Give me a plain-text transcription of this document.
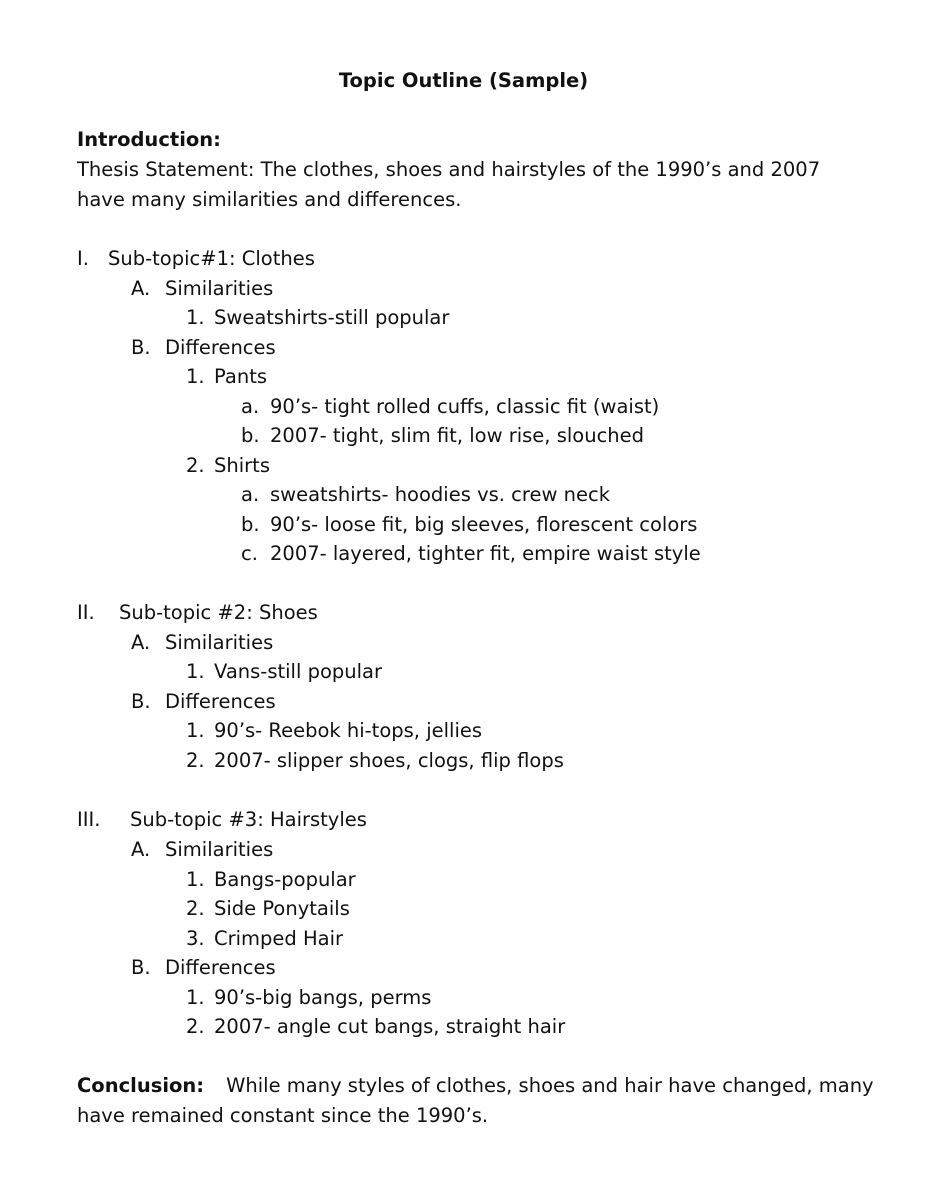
Topic Outline (Sample)

Introduction:

Thesis Statement: The clothes, shoes and hairstyles of the 1990’s and 2007

have many similarities and differences.

I. Sub-topic#1: Clothes

A. Similarities

1. Sweatshirts-still popular

B. Differences

1. Pants

a. 90’s- tight rolled cuffs, classic fit (waist)

b. 2007- tight, slim fit, low rise, slouched

2. Shirts

a. sweatshirts- hoodies vs. crew neck

b. 90’s- loose fit, big sleeves, florescent colors

c. 2007- layered, tighter fit, empire waist style

II. Sub-topic #2: Shoes

A. Similarities

1. Vans-still popular

B. Differences

1. 90’s- Reebok hi-tops, jellies

2. 2007- slipper shoes, clogs, flip flops

III. Sub-topic #3: Hairstyles

A. Similarities

1. Bangs-popular

2. Side Ponytails

3. Crimped Hair

B. Differences

1. 90’s-big bangs, perms

2. 2007- angle cut bangs, straight hair

Conclusion: While many styles of clothes, shoes and hair have changed, many

have remained constant since the 1990’s.
